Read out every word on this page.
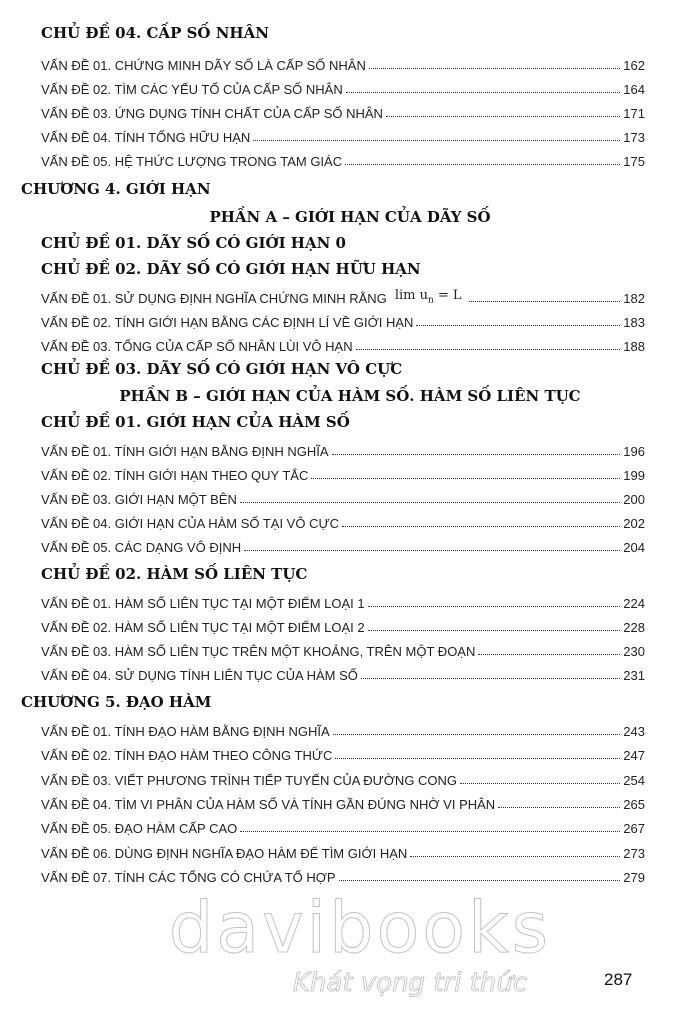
CHỦ ĐỀ 04. CẤP SỐ NHÂN
VẤN ĐỀ 01. CHỨNG MINH DÃY SỐ LÀ CẤP SỐ NHÂN	162
VẤN ĐỀ 02. TÌM CÁC YẾU TỐ CỦA CẤP SỐ NHÂN	164
VẤN ĐỀ 03. ỨNG DỤNG TÍNH CHẤT CỦA CẤP SỐ NHÂN	171
VẤN ĐỀ 04. TÍNH TỔNG HỮU HẠN	173
VẤN ĐỀ 05. HỆ THỨC LƯỢNG TRONG TAM GIÁC	175
CHƯƠNG 4. GIỚI HẠN
PHẦN A – GIỚI HẠN CỦA DÃY SỐ
CHỦ ĐỀ 01. DÃY SỐ CÓ GIỚI HẠN 0
CHỦ ĐỀ 02. DÃY SỐ CÓ GIỚI HẠN HỮU HẠN
VẤN ĐỀ 01. SỬ DỤNG ĐỊNH NGHĨA CHỨNG MINH RẰNG $\lim u_n = L$	182
VẤN ĐỀ 02. TÍNH GIỚI HẠN BẰNG CÁC ĐỊNH LÍ VỀ GIỚI HẠN	183
VẤN ĐỀ 03. TỔNG CỦA CẤP SỐ NHÂN LÙI VÔ HẠN	188
CHỦ ĐỀ 03. DÃY SỐ CÓ GIỚI HẠN VÔ CỰC
PHẦN B – GIỚI HẠN CỦA HÀM SỐ. HÀM SỐ LIÊN TỤC
CHỦ ĐỀ 01. GIỚI HẠN CỦA HÀM SỐ
VẤN ĐỀ 01. TÍNH GIỚI HẠN BẰNG ĐỊNH NGHĨA	196
VẤN ĐỀ 02. TÍNH GIỚI HẠN THEO QUY TẮC	199
VẤN ĐỀ 03. GIỚI HẠN MỘT BÊN	200
VẤN ĐỀ 04. GIỚI HẠN CỦA HÀM SỐ TẠI VÔ CỰC	202
VẤN ĐỀ 05. CÁC DẠNG VÔ ĐỊNH	204
CHỦ ĐỀ 02. HÀM SỐ LIÊN TỤC
VẤN ĐỀ 01. HÀM SỐ LIÊN TỤC TẠI MỘT ĐIỂM LOẠI 1	224
VẤN ĐỀ 02. HÀM SỐ LIÊN TỤC TẠI MỘT ĐIỂM LOẠI 2	228
VẤN ĐỀ 03. HÀM SỐ LIÊN TỤC TRÊN MỘT KHOẢNG, TRÊN MỘT ĐOẠN	230
VẤN ĐỀ 04. SỬ DỤNG TÍNH LIÊN TỤC CỦA HÀM SỐ	231
CHƯƠNG 5. ĐẠO HÀM
VẤN ĐỀ 01. TÍNH ĐẠO HÀM BẰNG ĐỊNH NGHĨA	243
VẤN ĐỀ 02. TÍNH ĐẠO HÀM THEO CÔNG THỨC	247
VẤN ĐỀ 03. VIẾT PHƯƠNG TRÌNH TIẾP TUYẾN CỦA ĐƯỜNG CONG	254
VẤN ĐỀ 04. TÌM VI PHÂN CỦA HÀM SỐ VÀ TÍNH GẦN ĐÚNG NHỜ VI PHÂN	265
VẤN ĐỀ 05. ĐẠO HÀM CẤP CAO	267
VẤN ĐỀ 06. DÙNG ĐỊNH NGHĨA ĐẠO HÀM ĐỂ TÌM GIỚI HẠN	273
VẤN ĐỀ 07. TÍNH CÁC TỔNG CÓ CHỨA TỔ HỢP	279
davibooks
Khát vọng tri thức	287
